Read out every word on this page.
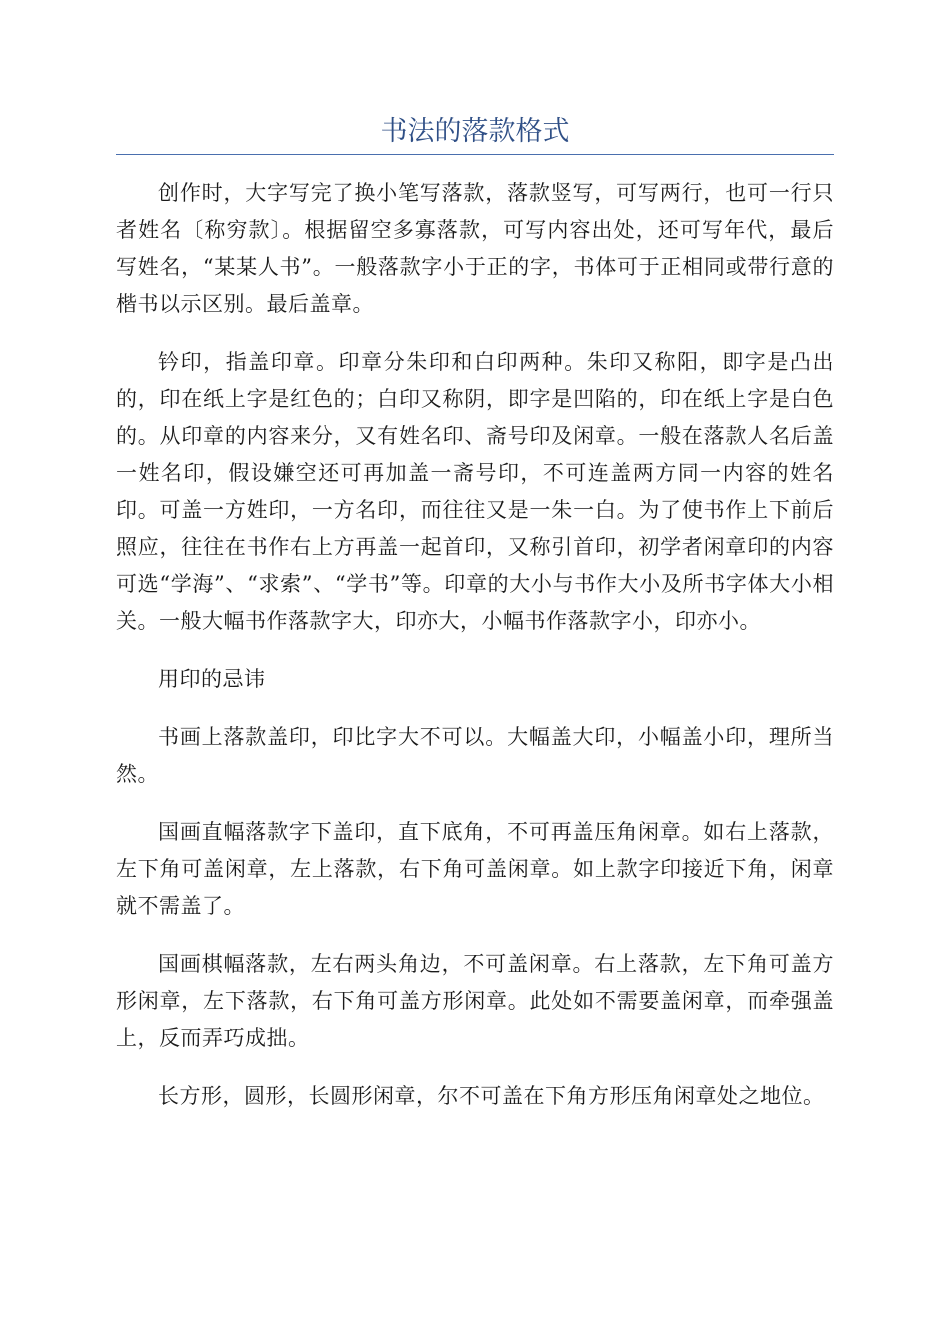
书法的落款格式

创作时，大字写完了换小笔写落款，落款竖写，可写两行，也可一行只者姓名〔称穷款〕。根据留空多寡落款，可写内容出处，还可写年代，最后写姓名，“某某人书”。一般落款字小于正的字，书体可于正相同或带行意的楷书以示区别。最后盖章。

钤印，指盖印章。印章分朱印和白印两种。朱印又称阳，即字是凸出的，印在纸上字是红色的；白印又称阴，即字是凹陷的，印在纸上字是白色的。从印章的内容来分，又有姓名印、斋号印及闲章。一般在落款人名后盖一姓名印，假设嫌空还可再加盖一斋号印，不可连盖两方同一内容的姓名印。可盖一方姓印，一方名印，而往往又是一朱一白。为了使书作上下前后照应，往往在书作右上方再盖一起首印，又称引首印，初学者闲章印的内容可选“学海”、“求索”、“学书”等。印章的大小与书作大小及所书字体大小相关。一般大幅书作落款字大，印亦大，小幅书作落款字小，印亦小。

用印的忌讳

书画上落款盖印，印比字大不可以。大幅盖大印，小幅盖小印，理所当然。

国画直幅落款字下盖印，直下底角，不可再盖压角闲章。如右上落款，左下角可盖闲章，左上落款，右下角可盖闲章。如上款字印接近下角，闲章就不需盖了。

国画棋幅落款，左右两头角边，不可盖闲章。右上落款，左下角可盖方形闲章，左下落款，右下角可盖方形闲章。此处如不需要盖闲章，而牵强盖上，反而弄巧成拙。

长方形，圆形，长圆形闲章，尔不可盖在下角方形压角闲章处之地位。
